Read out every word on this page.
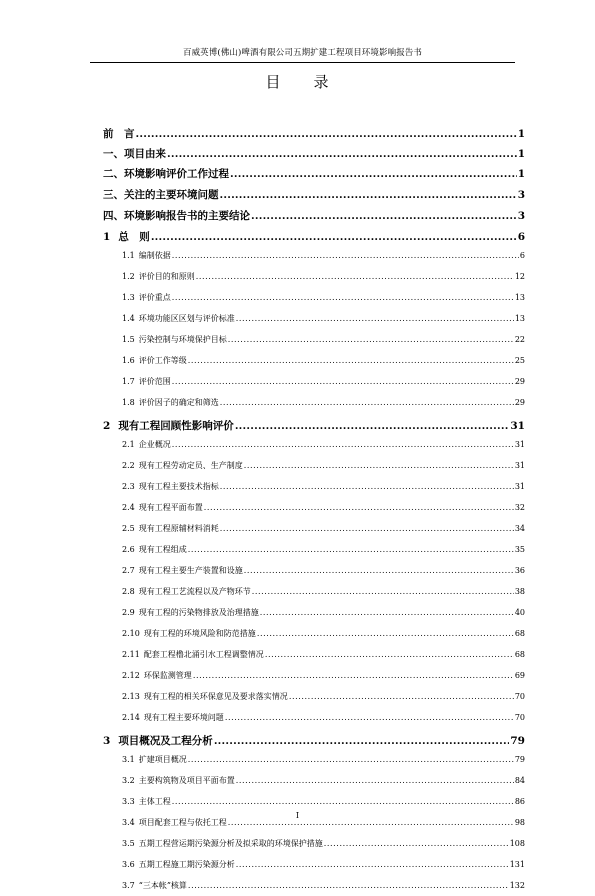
百威英博(佛山)啤酒有限公司五期扩建工程项目环境影响报告书
目　　录
前　言 .....	1
一、项目由来 .....	1
二、环境影响评价工作过程 .....	1
三、关注的主要环境问题 .....	3
四、环境影响报告书的主要结论 .....	3
1 总　则 .....	6
1.1 编制依据 .....	6
1.2 评价目的和原则 .....	12
1.3 评价重点 .....	13
1.4 环境功能区区划与评价标准 .....	13
1.5 污染控制与环境保护目标 .....	22
1.6 评价工作等级 .....	25
1.7 评价范围 .....	29
1.8 评价因子的确定和筛选 .....	29
2 现有工程回顾性影响评价 .....	31
2.1 企业概况 .....	31
2.2 现有工程劳动定员、生产制度 .....	31
2.3 现有工程主要技术指标 .....	31
2.4 现有工程平面布置 .....	32
2.5 现有工程原辅材料消耗 .....	34
2.6 现有工程组成 .....	35
2.7 现有工程主要生产装置和设施 .....	36
2.8 现有工程工艺流程以及产物环节 .....	38
2.9 现有工程的污染物排放及治理措施 .....	40
2.10 现有工程的环境风险和防范措施 .....	68
2.11 配套工程橹北涌引水工程调整情况 .....	68
2.12 环保监测管理 .....	69
2.13 现有工程的相关环保意见及要求落实情况 .....	70
2.14 现有工程主要环境问题 .....	70
3 项目概况及工程分析 .....	79
3.1 扩建项目概况 .....	79
3.2 主要构筑物及项目平面布置 .....	84
3.3 主体工程 .....	86
3.4 项目配套工程与依托工程 .....	98
3.5 五期工程营运期污染源分析及拟采取的环境保护措施 .....	108
3.6 五期工程施工期污染源分析 .....	131
3.7 “三本帐”核算 .....	132
I
